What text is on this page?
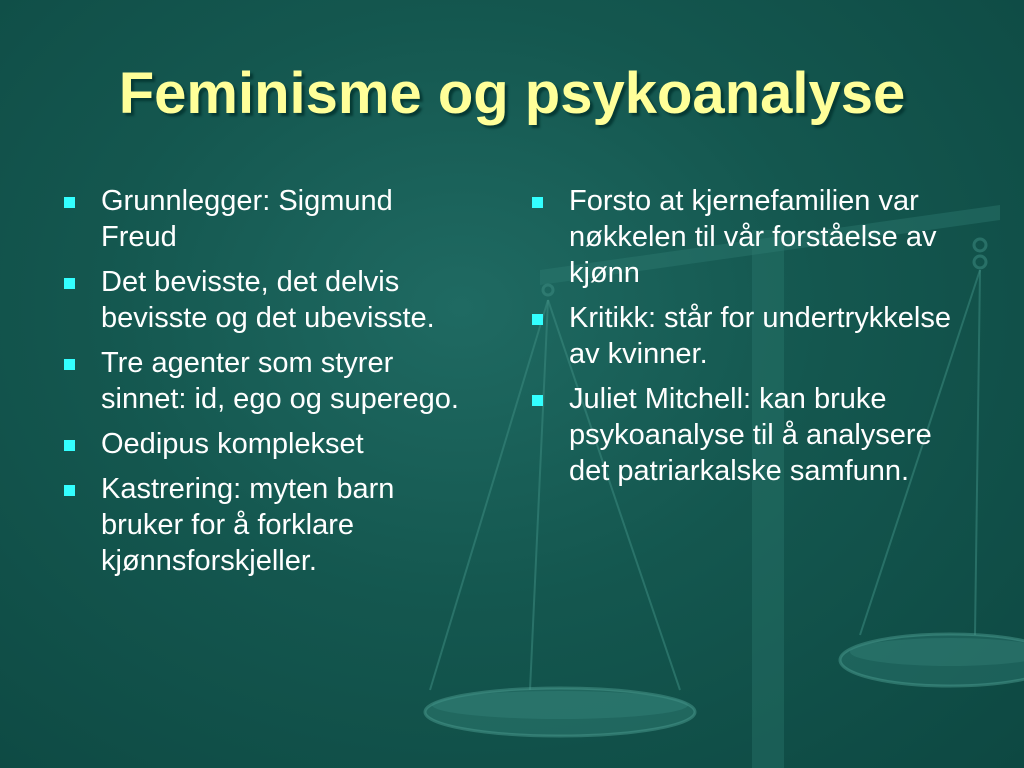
Feminisme og psykoanalyse
Grunnlegger: Sigmund Freud
Det bevisste, det delvis bevisste og det ubevisste.
Tre agenter som styrer sinnet: id, ego og superego.
Oedipus komplekset
Kastrering: myten barn bruker for å forklare kjønnsforskjeller.
Forsto at kjernefamilien var nøkkelen til vår forståelse av kjønn
Kritikk: står for undertrykkelse av kvinner.
Juliet Mitchell: kan bruke psykoanalyse til å analysere det patriarkalske samfunn.
